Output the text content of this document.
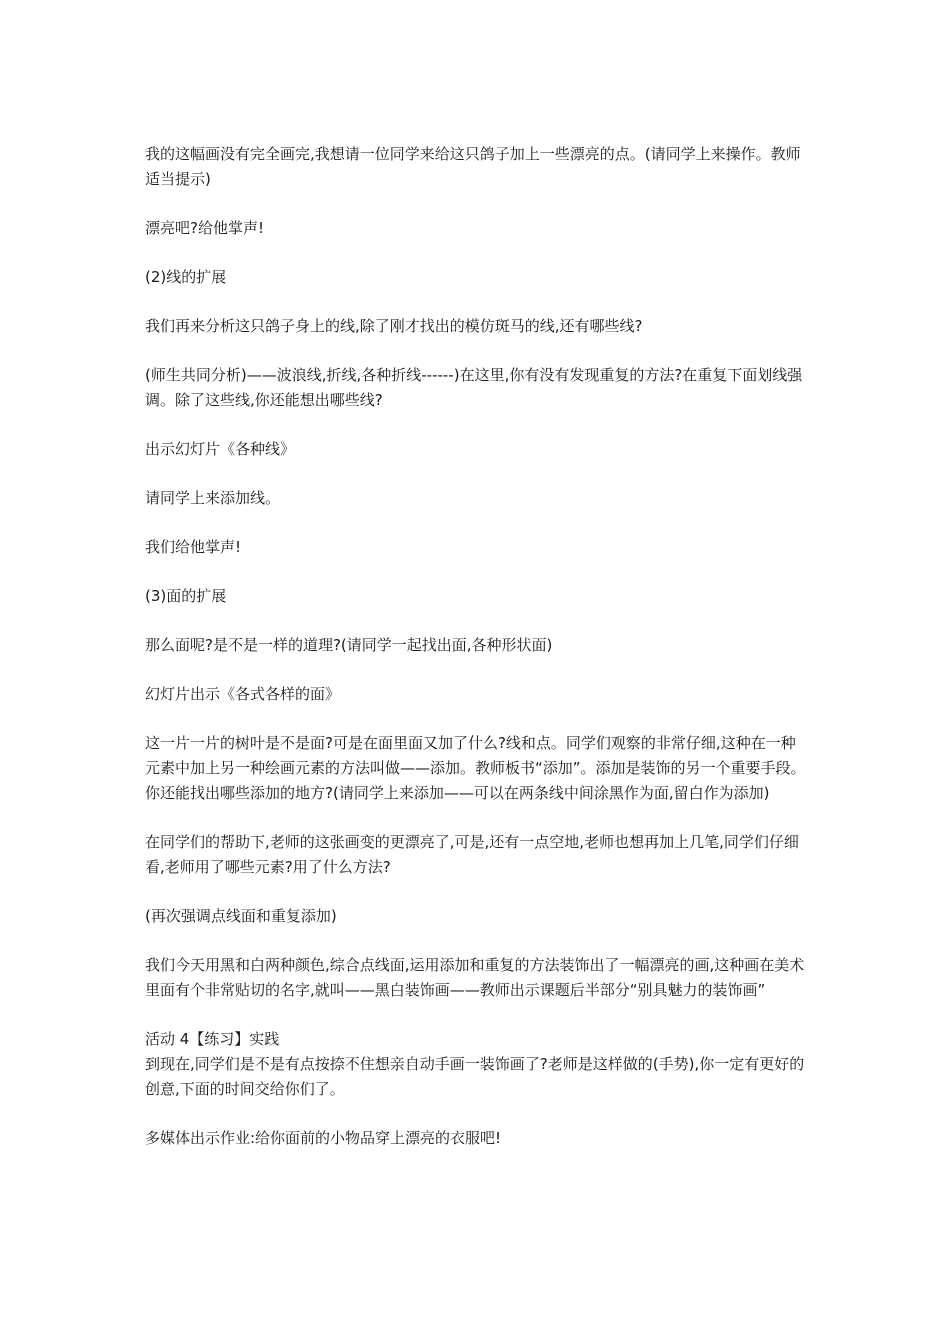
我的这幅画没有完全画完,我想请一位同学来给这只鸽子加上一些漂亮的点。(请同学上来操作。教师适当提示)

漂亮吧?给他掌声!

(2)线的扩展

我们再来分析这只鸽子身上的线,除了刚才找出的模仿斑马的线,还有哪些线?

(师生共同分析)——波浪线,折线,各种折线------)在这里,你有没有发现重复的方法?在重复下面划线强调。除了这些线,你还能想出哪些线?

出示幻灯片《各种线》

请同学上来添加线。

我们给他掌声!

(3)面的扩展

那么面呢?是不是一样的道理?(请同学一起找出面,各种形状面)

幻灯片出示《各式各样的面》

这一片一片的树叶是不是面?可是在面里面又加了什么?线和点。同学们观察的非常仔细,这种在一种元素中加上另一种绘画元素的方法叫做——添加。教师板书“添加”。添加是装饰的另一个重要手段。你还能找出哪些添加的地方?(请同学上来添加——可以在两条线中间涂黑作为面,留白作为添加)

在同学们的帮助下,老师的这张画变的更漂亮了,可是,还有一点空地,老师也想再加上几笔,同学们仔细看,老师用了哪些元素?用了什么方法?

(再次强调点线面和重复添加)

我们今天用黑和白两种颜色,综合点线面,运用添加和重复的方法装饰出了一幅漂亮的画,这种画在美术里面有个非常贴切的名字,就叫——黑白装饰画——教师出示课题后半部分“别具魅力的装饰画”

活动 4【练习】实践

到现在,同学们是不是有点按捺不住想亲自动手画一装饰画了?老师是这样做的(手势),你一定有更好的创意,下面的时间交给你们了。

多媒体出示作业:给你面前的小物品穿上漂亮的衣服吧!
